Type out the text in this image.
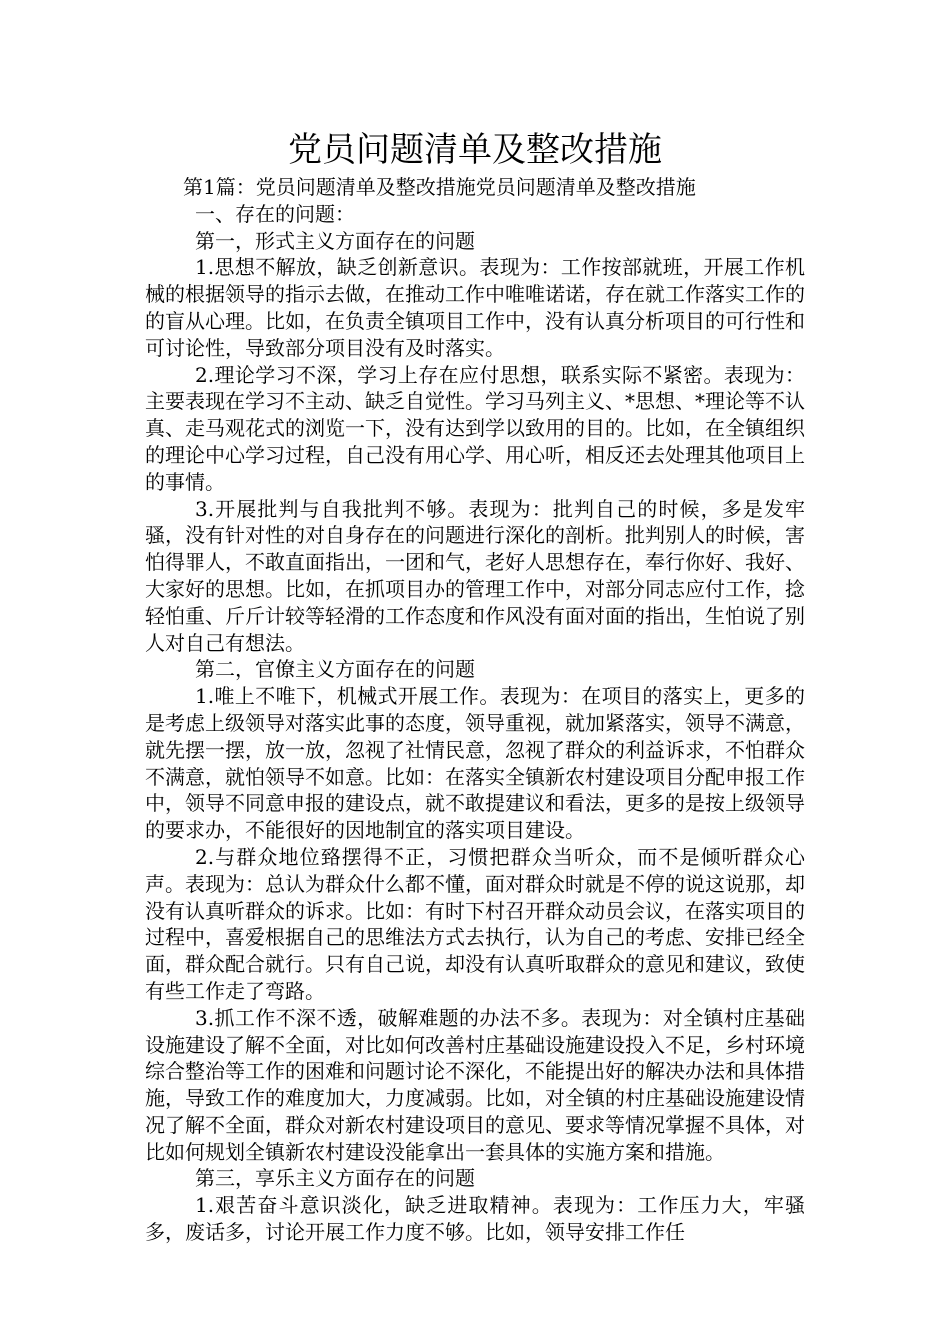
党员问题清单及整改措施

第1篇：党员问题清单及整改措施党员问题清单及整改措施

一、存在的问题：

第一，形式主义方面存在的问题

1.思想不解放，缺乏创新意识。表现为：工作按部就班，开展工作机械的根据领导的指示去做，在推动工作中唯唯诺诺，存在就工作落实工作的的盲从心理。比如，在负责全镇项目工作中，没有认真分析项目的可行性和可讨论性，导致部分项目没有及时落实。

2.理论学习不深，学习上存在应付思想，联系实际不紧密。表现为：主要表现在学习不主动、缺乏自觉性。学习马列主义、*思想、*理论等不认真、走马观花式的浏览一下，没有达到学以致用的目的。比如，在全镇组织的理论中心学习过程，自己没有用心学、用心听，相反还去处理其他项目上的事情。

3.开展批判与自我批判不够。表现为：批判自己的时候，多是发牢骚，没有针对性的对自身存在的问题进行深化的剖析。批判别人的时候，害怕得罪人，不敢直面指出，一团和气，老好人思想存在，奉行你好、我好、大家好的思想。比如，在抓项目办的管理工作中，对部分同志应付工作，捻轻怕重、斤斤计较等轻滑的工作态度和作风没有面对面的指出，生怕说了别人对自己有想法。

第二，官僚主义方面存在的问题

1.唯上不唯下，机械式开展工作。表现为：在项目的落实上，更多的是考虑上级领导对落实此事的态度，领导重视，就加紧落实，领导不满意，就先摆一摆，放一放，忽视了社情民意，忽视了群众的利益诉求，不怕群众不满意，就怕领导不如意。比如：在落实全镇新农村建设项目分配申报工作中，领导不同意申报的建设点，就不敢提建议和看法，更多的是按上级领导的要求办，不能很好的因地制宜的落实项目建设。

2.与群众地位臵摆得不正，习惯把群众当听众，而不是倾听群众心声。表现为：总认为群众什么都不懂，面对群众时就是不停的说这说那，却没有认真听群众的诉求。比如：有时下村召开群众动员会议，在落实项目的过程中，喜爱根据自己的思维法方式去执行，认为自己的考虑、安排已经全面，群众配合就行。只有自己说，却没有认真听取群众的意见和建议，致使有些工作走了弯路。

3.抓工作不深不透，破解难题的办法不多。表现为：对全镇村庄基础设施建设了解不全面，对比如何改善村庄基础设施建设投入不足，乡村环境综合整治等工作的困难和问题讨论不深化，不能提出好的解决办法和具体措施，导致工作的难度加大，力度减弱。比如，对全镇的村庄基础设施建设情况了解不全面，群众对新农村建设项目的意见、要求等情况掌握不具体，对比如何规划全镇新农村建设没能拿出一套具体的实施方案和措施。

第三，享乐主义方面存在的问题

1.艰苦奋斗意识淡化，缺乏进取精神。表现为：工作压力大，牢骚多，废话多，讨论开展工作力度不够。比如，领导安排工作任
